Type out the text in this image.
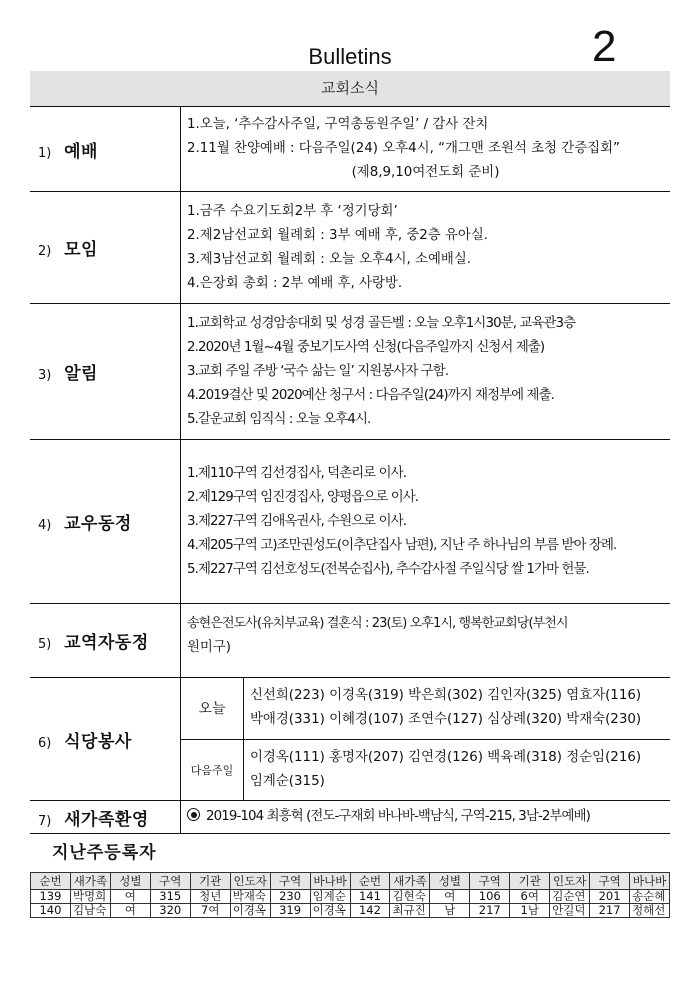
Bulletins	2
교회소식
1) 예배	
1.오늘, ‘추수감사주일, 구역총동원주일’ / 감사 잔치
2.11월 찬양예배 : 다음주일(24) 오후4시, “개그맨 조원석 초청 간증집회”
(제8,9,10여전도회 준비)

2) 모임	
1.금주 수요기도회2부 후 ‘정기당회’
2.제2남선교회 월례회 : 3부 예배 후, 중2층 유아실.
3.제3남선교회 월례회 : 오늘 오후4시, 소예배실.
4.은장회 총회 : 2부 예배 후, 사랑방.

3) 알림	
1.교회학교 성경암송대회 및 성경 골든벨 : 오늘 오후1시30분, 교육관3층
2.2020년 1월~4월 중보기도사역 신청(다음주일까지 신청서 제출)
3.교회 주일 주방 ‘국수 삶는 일’ 지원봉사자 구함.
4.2019결산 및 2020예산 청구서 : 다음주일(24)까지 재정부에 제출.
5.갈운교회 임직식 : 오늘 오후4시.

4) 교우동정	
1.제110구역 김선경집사, 덕촌리로 이사.
2.제129구역 임진경집사, 양평읍으로 이사.
3.제227구역 김애옥권사, 수원으로 이사.
4.제205구역 고)조만권성도(이추단집사 남편), 지난 주 하나님의 부름 받아 장례.
5.제227구역 김선호성도(전복순집사), 추수감사절 주일식당 쌀 1가마 헌물.

5) 교역자동정	
송현은전도사(유치부교육) 결혼식 : 23(토) 오후1시, 행복한교회당(부천시
원미구)

6) 식당봉사	
오늘	
신선희(223) 이경옥(319) 박은희(302) 김인자(325) 염효자(116)
박애경(331) 이혜경(107) 조연수(127) 심상례(320) 박재숙(230)

다음주일	
이경옥(111) 홍명자(207) 김연경(126) 백육례(318) 정순임(216)
임계순(315)

7) 새가족환영	2019-104 최흥혁 (전도-구재회 바나바-백남식, 구역-215, 3남-2부예배)
지난주등록자
순번	새가족	성별	구역	기관	인도자	구역	바나바	순번	새가족	성별	구역	기관	인도자	구역	바나바
139	박명희	여	315	청년	박재숙	230	임계순	141	김현숙	여	106	6여	김순연	201	송순혜
140	김남숙	여	320	7여	이경옥	319	이경옥	142	최규진	남	217	1남	안길덕	217	정해선
